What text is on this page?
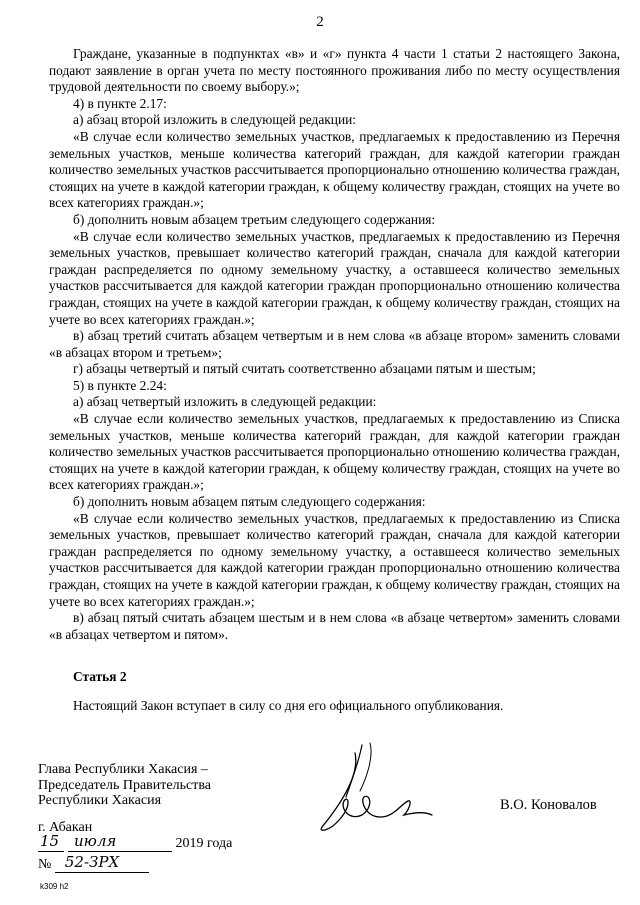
2

Граждане, указанные в подпунктах «в» и «г» пункта 4 части 1 статьи 2 настоящего Закона, подают заявление в орган учета по месту постоянного проживания либо по месту осуществления трудовой деятельности по своему выбору.»;

4) в пункте 2.17:

а) абзац второй изложить в следующей редакции:

«В случае если количество земельных участков, предлагаемых к предоставлению из Перечня земельных участков, меньше количества категорий граждан, для каждой категории граждан количество земельных участков рассчитывается пропорционально отношению количества граждан, стоящих на учете в каждой категории граждан, к общему количеству граждан, стоящих на учете во всех категориях граждан.»;

б) дополнить новым абзацем третьим следующего содержания:

«В случае если количество земельных участков, предлагаемых к предоставлению из Перечня земельных участков, превышает количество категорий граждан, сначала для каждой категории граждан распределяется по одному земельному участку, а оставшееся количество земельных участков рассчитывается для каждой категории граждан пропорционально отношению количества граждан, стоящих на учете в каждой категории граждан, к общему количеству граждан, стоящих на учете во всех категориях граждан.»;

в) абзац третий считать абзацем четвертым и в нем слова «в абзаце втором» заменить словами «в абзацах втором и третьем»;

г) абзацы четвертый и пятый считать соответственно абзацами пятым и шестым;

5) в пункте 2.24:

а) абзац четвертый изложить в следующей редакции:

«В случае если количество земельных участков, предлагаемых к предоставлению из Списка земельных участков, меньше количества категорий граждан, для каждой категории граждан количество земельных участков рассчитывается пропорционально отношению количества граждан, стоящих на учете в каждой категории граждан, к общему количеству граждан, стоящих на учете во всех категориях граждан.»;

б) дополнить новым абзацем пятым следующего содержания:

«В случае если количество земельных участков, предлагаемых к предоставлению из Списка земельных участков, превышает количество категорий граждан, сначала для каждой категории граждан распределяется по одному земельному участку, а оставшееся количество земельных участков рассчитывается для каждой категории граждан пропорционально отношению количества граждан, стоящих на учете в каждой категории граждан, к общему количеству граждан, стоящих на учете во всех категориях граждан.»;

в) абзац пятый считать абзацем шестым и в нем слова «в абзаце четвертом» заменить словами «в абзацах четвертом и пятом».

Статья 2

Настоящий Закон вступает в силу со дня его официального опубликования.

Глава Республики Хакасия –
Председатель Правительства
Республики Хакасия	В.О. Коновалов
г. Абакан
15 июля	2019 года
№ 52-ЗРХ
k309 h2
